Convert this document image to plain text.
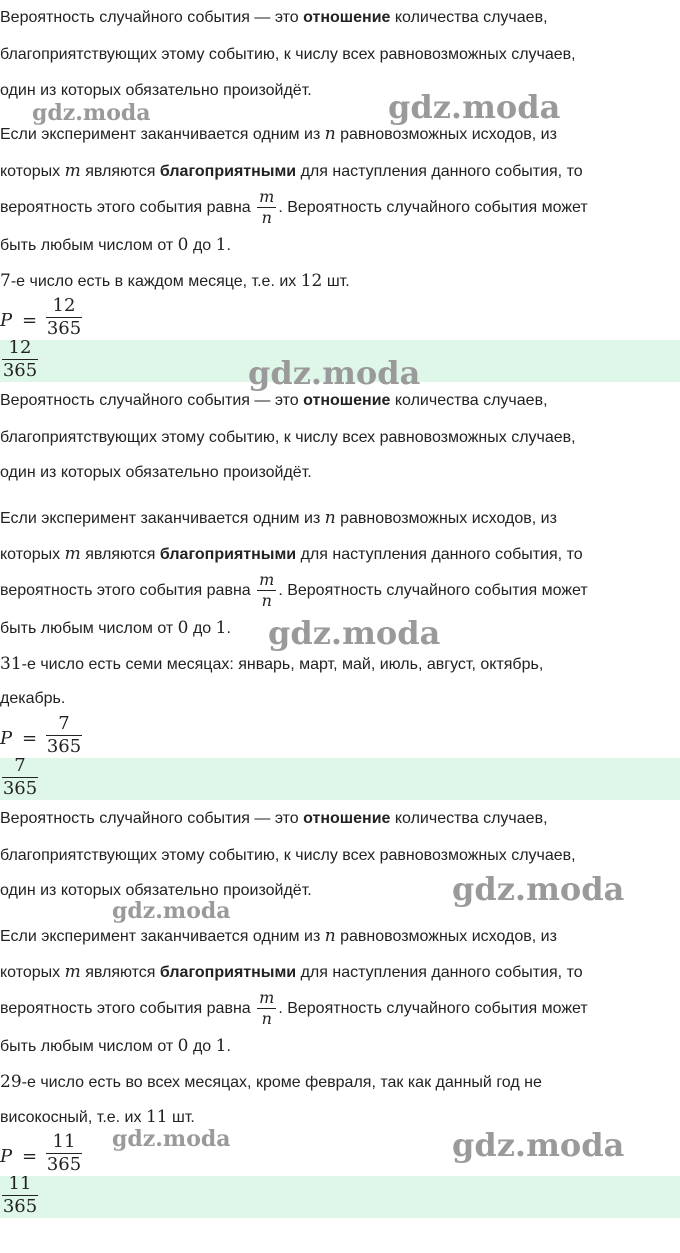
Вероятность случайного события — это отношение количества случаев,
благоприятствующих этому событию, к числу всех равновозможных случаев,
один из которых обязательно произойдёт.
Если эксперимент заканчивается одним из n равновозможных исходов, из
которых m являются благоприятными для наступления данного события, то
вероятность этого события равна $\frac{m}{n}$ . Вероятность случайного события может
быть любым числом от 0 до 1.
7-е число есть в каждом месяце, т.е. их 12 шт.
P =
12
365
12
365
Вероятность случайного события — это отношение количества случаев,
благоприятствующих этому событию, к числу всех равновозможных случаев,
один из которых обязательно произойдёт.
Если эксперимент заканчивается одним из n равновозможных исходов, из
которых m являются благоприятными для наступления данного события, то
вероятность этого события равна $\frac{m}{n}$ . Вероятность случайного события может
быть любым числом от 0 до 1.
31-е число есть семи месяцах: январь, март, май, июль, август, октябрь,
декабрь.
P =
7
365
7
365
Вероятность случайного события — это отношение количества случаев,
благоприятствующих этому событию, к числу всех равновозможных случаев,
один из которых обязательно произойдёт.
Если эксперимент заканчивается одним из n равновозможных исходов, из
которых m являются благоприятными для наступления данного события, то
вероятность этого события равна $\frac{m}{n}$ . Вероятность случайного события может
быть любым числом от 0 до 1.
29-е число есть во всех месяцах, кроме февраля, так как данный год не
високосный, т.е. их 11 шт.
P =
11
365
11
365
gdz.moda	gdz.moda
gdz.moda
gdz.moda
gdz.moda
gdz.moda
gdz.moda	gdz.moda
